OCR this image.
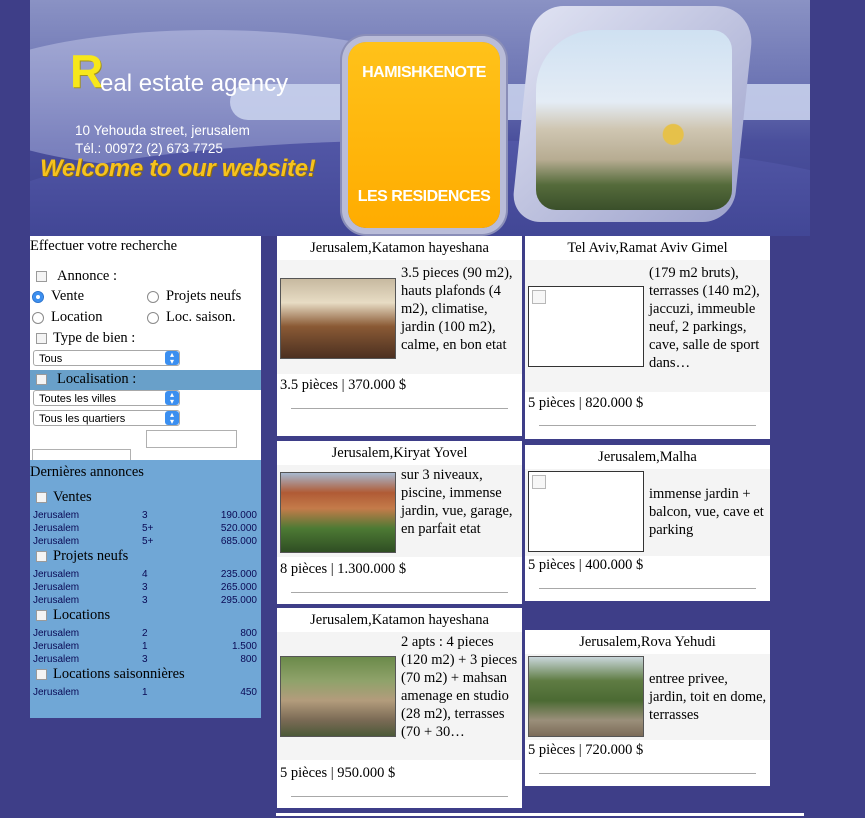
R
eal estate agency
10 Yehouda street, jerusalem
Tél.: 00972 (2) 673 7725
Welcome to our website!
HAMISHKENOTE
LES RESIDENCES
Effectuer votre recherche
Annonce :
Vente	Projets neufs
Location	Loc. saison.
Type de bien :
Tous	▴
▾
Localisation :
Toutes les villes	▴
▾
Tous les quartiers	▴
▾
Dernières annonces
Ventes
Jerusalem	3	190.000
Jerusalem	5+	520.000
Jerusalem	5+	685.000
Projets neufs
Jerusalem	4	235.000
Jerusalem	3	265.000
Jerusalem	3	295.000
Locations
Jerusalem	2	800
Jerusalem	1	1.500
Jerusalem	3	800
Locations saisonnières
Jerusalem	1	450
Jerusalem,Katamon hayeshana
3.5 pieces (90 m2), hauts plafonds (4 m2), climatise, jardin (100 m2), calme, en bon etat
3.5 pièces | 370.000 $
Tel Aviv,Ramat Aviv Gimel
(179 m2 bruts), terrasses (140 m2), jaccuzi, immeuble neuf, 2 parkings, cave, salle de sport dans…
5 pièces | 820.000 $
Jerusalem,Kiryat Yovel
sur 3 niveaux, piscine, immense jardin, vue, garage, en parfait etat
8 pièces | 1.300.000 $
Jerusalem,Malha
immense jardin + balcon, vue, cave et parking
5 pièces | 400.000 $
Jerusalem,Katamon hayeshana
2 apts : 4 pieces (120 m2) + 3 pieces (70 m2) + mahsan amenage en studio (28 m2), terrasses (70 + 30…
5 pièces | 950.000 $
Jerusalem,Rova Yehudi
entree privee, jardin, toit en dome, terrasses
5 pièces | 720.000 $
